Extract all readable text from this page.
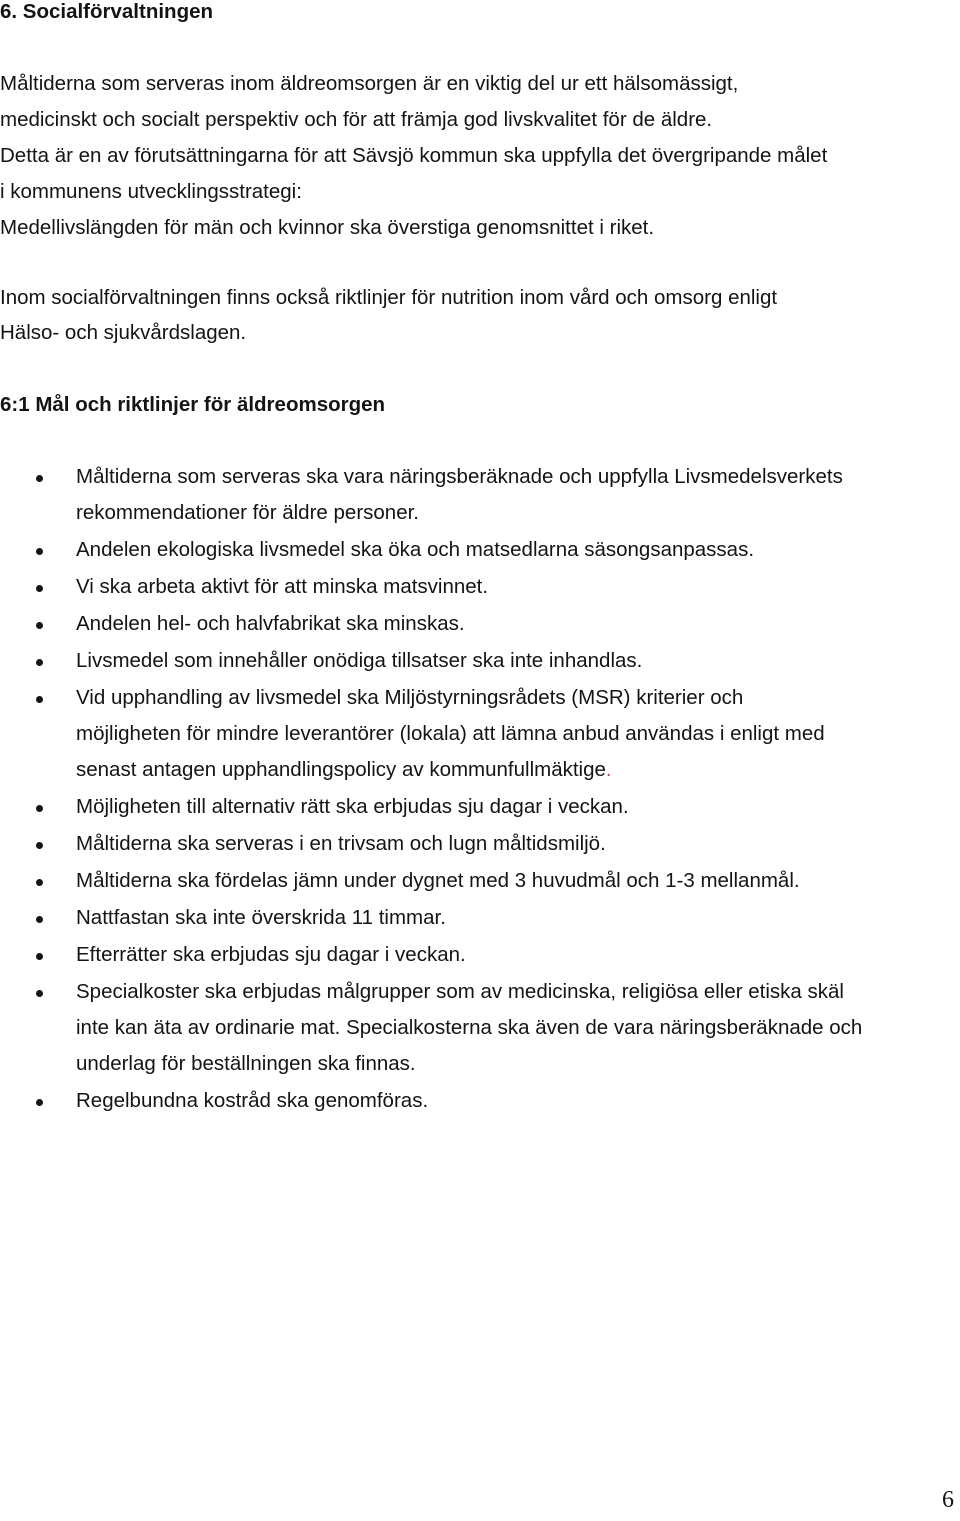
6. Socialförvaltningen

Måltiderna som serveras inom äldreomsorgen är en viktig del ur ett hälsomässigt,
medicinskt och socialt perspektiv och för att främja god livskvalitet för de äldre.
Detta är en av förutsättningarna för att Sävsjö kommun ska uppfylla det övergripande målet
i kommunens utvecklingsstrategi:
Medellivslängden för män och kvinnor ska överstiga genomsnittet i riket.

Inom socialförvaltningen finns också riktlinjer för nutrition inom vård och omsorg enligt
Hälso- och sjukvårdslagen.

6:1 Mål och riktlinjer för äldreomsorgen
Måltiderna som serveras ska vara näringsberäknade och uppfylla Livsmedelsverkets
rekommendationer för äldre personer.
Andelen ekologiska livsmedel ska öka och matsedlarna säsongsanpassas.
Vi ska arbeta aktivt för att minska matsvinnet.
Andelen hel- och halvfabrikat ska minskas.
Livsmedel som innehåller onödiga tillsatser ska inte inhandlas.
Vid upphandling av livsmedel ska Miljöstyrningsrådets (MSR) kriterier och
möjligheten för mindre leverantörer (lokala) att lämna anbud användas i enligt med
senast antagen upphandlingspolicy av kommunfullmäktige.
Möjligheten till alternativ rätt ska erbjudas sju dagar i veckan.
Måltiderna ska serveras i en trivsam och lugn måltidsmiljö.
Måltiderna ska fördelas jämn under dygnet med 3 huvudmål och 1-3 mellanmål.
Nattfastan ska inte överskrida 11 timmar.
Efterrätter ska erbjudas sju dagar i veckan.
Specialkoster ska erbjudas målgrupper som av medicinska, religiösa eller etiska skäl
inte kan äta av ordinarie mat. Specialkosterna ska även de vara näringsberäknade och
underlag för beställningen ska finnas.
Regelbundna kostråd ska genomföras.
6
